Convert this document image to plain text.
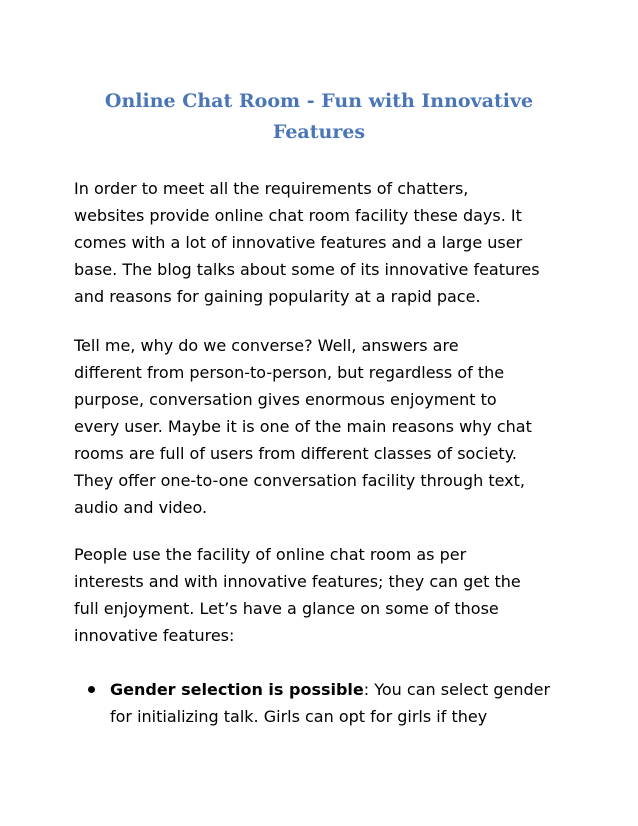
Online Chat Room - Fun with Innovative
Features

In order to meet all the requirements of chatters,
websites provide online chat room facility these days. It
comes with a lot of innovative features and a large user
base. The blog talks about some of its innovative features
and reasons for gaining popularity at a rapid pace.

Tell me, why do we converse? Well, answers are
different from person-to-person, but regardless of the
purpose, conversation gives enormous enjoyment to
every user. Maybe it is one of the main reasons why chat
rooms are full of users from different classes of society.
They offer one-to-one conversation facility through text,
audio and video.

People use the facility of online chat room as per
interests and with innovative features; they can get the
full enjoyment. Let’s have a glance on some of those
innovative features:

Gender selection is possible: You can select gender
for initializing talk. Girls can opt for girls if they
